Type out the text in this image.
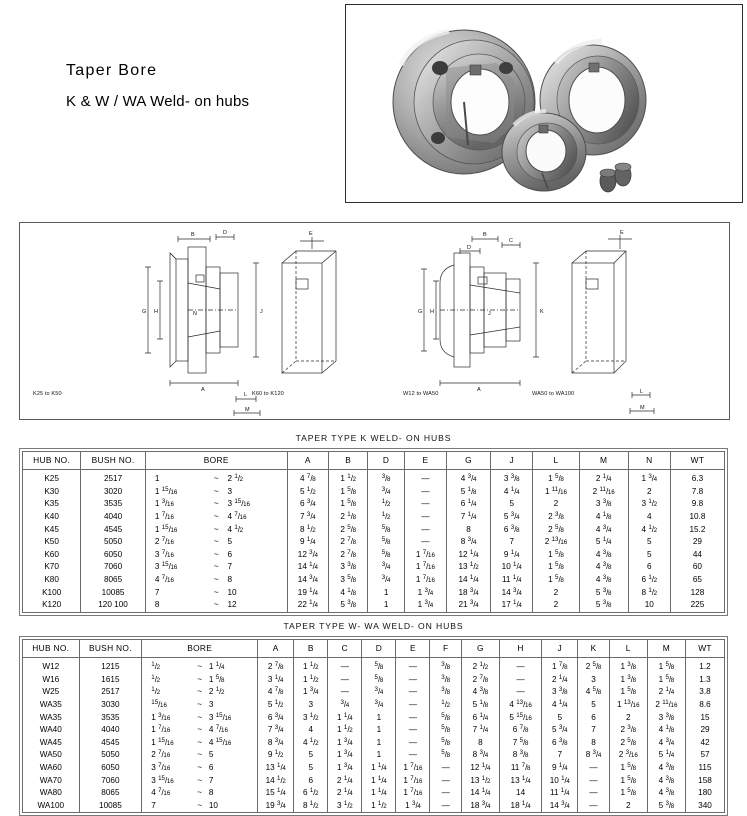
Taper Bore
K & W / WA Weld- on hubs
B	D
G H	N	J
A
E
L
M
B
C
D
G H	J	K
A
E
L
M
K25 to K50	K60 to K120	W12 to WA50	WA50 to WA100
TAPER TYPE K WELD- ON HUBS
HUB NO.	BUSH NO.	BORE	A	B	D	E	G	J	L	M	N	WT
K25	2517	1 ~ 2 $^1$/2	4 $^7$/8	1 $^1$/2	$^3$/8	—	4 $^3$/4	3 $^3$/8	1 $^5$/8	2 $^1$/4	1 $^3$/4	6.3
K30	3020	1 $^{15}$/16 ~ 3	5 $^1$/2	1 $^5$/8	$^3$/4	—	5 $^1$/8	4 $^1$/4	1 $^{11}$/16	2 $^{11}$/16	2	7.8
K35	3535	1 $^3$/16 ~ 3 $^{15}$/16	6 $^3$/4	1 $^5$/8	$^1$/2	—	6 $^1$/4	5	2	3 $^3$/8	3 $^1$/2	9.8
K40	4040	1 $^7$/16 ~ 4 $^7$/16	7 $^3$/4	2 $^1$/8	$^1$/2	—	7 $^1$/4	5 $^3$/4	2 $^3$/8	4 $^1$/8	4	10.8
K45	4545	1 $^{15}$/16 ~ 4 $^1$/2	8 $^1$/2	2 $^5$/8	$^5$/8	—	8	6 $^3$/8	2 $^5$/8	4 $^3$/4	4 $^1$/2	15.2
K50	5050	2 $^7$/16 ~ 5	9 $^1$/4	2 $^7$/8	$^5$/8	—	8 $^3$/4	7	2 $^{13}$/16	5 $^1$/4	5	29
K60	6050	3 $^7$/16 ~ 6	12 $^3$/4	2 $^7$/8	$^5$/8	1 $^7$/16	12 $^1$/4	9 $^1$/4	1 $^5$/8	4 $^3$/8	5	44
K70	7060	3 $^{15}$/16 ~ 7	14 $^1$/4	3 $^3$/8	$^3$/4	1 $^7$/16	13 $^1$/2	10 $^1$/4	1 $^5$/8	4 $^3$/8	6	60
K80	8065	4 $^7$/16 ~ 8	14 $^3$/4	3 $^5$/8	$^3$/4	1 $^7$/16	14 $^1$/4	11 $^1$/4	1 $^5$/8	4 $^3$/8	6 $^1$/2	65
K100	10085	7 ~ 10	19 $^1$/4	4 $^1$/8	1	1 $^3$/4	18 $^3$/4	14 $^3$/4	2	5 $^3$/8	8 $^1$/2	128
K120	120 100	8 ~ 12	22 $^1$/4	5 $^3$/8	1	1 $^3$/4	21 $^3$/4	17 $^1$/4	2	5 $^3$/8	10	225
TAPER TYPE W- WA WELD- ON HUBS
HUB NO.	BUSH NO.	BORE	A	B	C	D	E	F	G	H	J	K	L	M	WT
W12	1215	$^1$/2 ~ 1 $^1$/4	2 $^7$/8	1 $^1$/2	—	$^5$/8	—	$^3$/8	2 $^1$/2	—	1 $^7$/8	2 $^5$/8	1 $^3$/8	1 $^5$/8	1.2
W16	1615	$^1$/2 ~ 1 $^5$/8	3 $^1$/4	1 $^1$/2	—	$^5$/8	—	$^3$/8	2 $^7$/8	—	2 $^1$/4	3	1 $^3$/8	1 $^5$/8	1.3
W25	2517	$^1$/2 ~ 2 $^1$/2	4 $^7$/8	1 $^3$/4	—	$^3$/4	—	$^3$/8	4 $^3$/8	—	3 $^3$/8	4 $^5$/8	1 $^5$/8	2 $^1$/4	3.8
WA35	3030	$^{15}$/16 ~ 3	5 $^1$/2	3	$^3$/4	$^3$/4	—	$^1$/2	5 $^1$/8	4 $^{13}$/16	4 $^1$/4	5	1 $^{13}$/16	2 $^{11}$/16	8.6
WA35	3535	1 $^3$/16 ~ 3 $^{15}$/16	6 $^3$/4	3 $^1$/2	1 $^1$/4	1	—	$^5$/8	6 $^1$/4	5 $^{15}$/16	5	6	2	3 $^3$/8	15
WA40	4040	1 $^7$/16 ~ 4 $^7$/16	7 $^3$/4	4	1 $^1$/2	1	—	$^5$/8	7 $^1$/4	6 $^7$/8	5 $^3$/4	7	2 $^3$/8	4 $^1$/8	29
WA45	4545	1 $^{15}$/16 ~ 4 $^{15}$/16	8 $^3$/4	4 $^1$/2	1 $^3$/4	1	—	$^5$/8	8	7 $^5$/8	6 $^3$/8	8	2 $^5$/8	4 $^3$/4	42
WA50	5050	2 $^7$/16 ~ 5	9 $^1$/2	5	1 $^3$/4	1	—	$^5$/8	8 $^3$/4	8 $^3$/8	7	8 $^3$/4	2 $^3$/16	5 $^1$/4	57
WA60	6050	3 $^7$/16 ~ 6	13 $^1$/4	5	1 $^3$/4	1 $^1$/4	1 $^7$/16	—	12 $^1$/4	11 $^7$/8	9 $^1$/4	—	1 $^5$/8	4 $^3$/8	115
WA70	7060	3 $^{15}$/16 ~ 7	14 $^1$/2	6	2 $^1$/4	1 $^1$/4	1 $^7$/16	—	13 $^1$/2	13 $^1$/4	10 $^1$/4	—	1 $^5$/8	4 $^3$/8	158
WA80	8065	4 $^7$/16 ~ 8	15 $^1$/4	6 $^1$/2	2 $^1$/4	1 $^1$/4	1 $^7$/16	—	14 $^1$/4	14	11 $^1$/4	—	1 $^5$/8	4 $^3$/8	180
WA100	10085	7 ~ 10	19 $^3$/4	8 $^1$/2	3 $^1$/2	1 $^1$/2	1 $^3$/4	—	18 $^3$/4	18 $^1$/4	14 $^3$/4	—	2	5 $^3$/8	340
